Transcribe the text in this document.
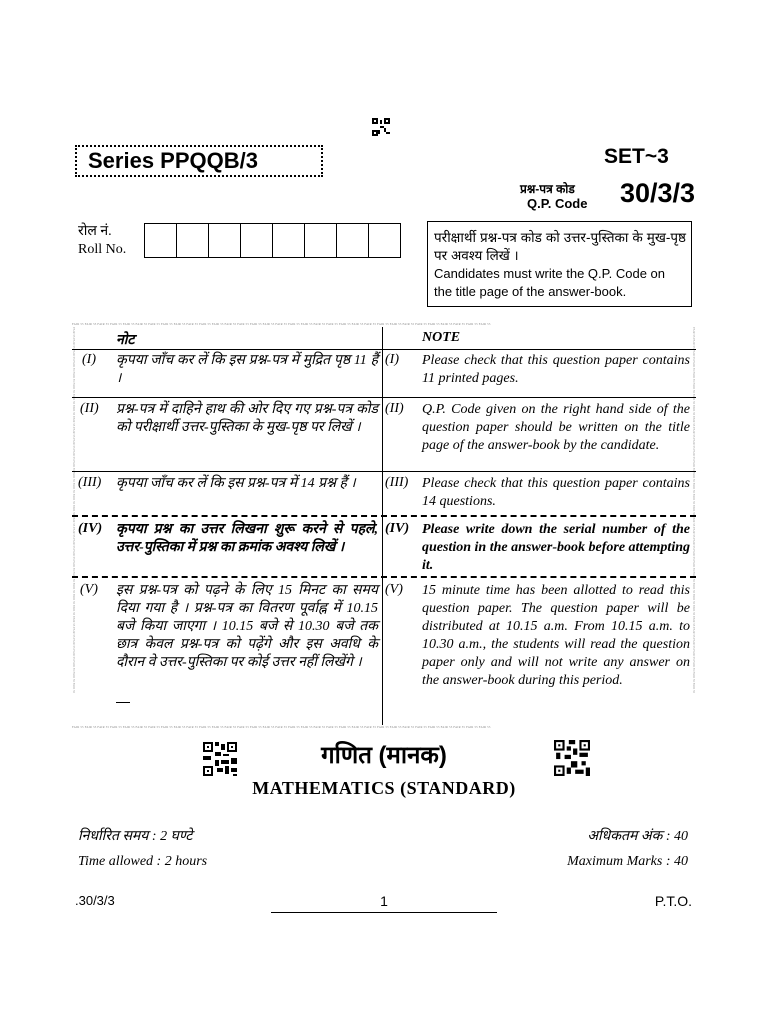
Series PPQQB/3	SET~3
प्रश्न-पत्र कोड
Q.P. Code 30/3/3
रोल नं.
Roll No.
परीक्षार्थी प्रश्न-पत्र कोड को उत्तर-पुस्तिका के मुख-पृष्ठ पर अवश्य लिखें ।
Candidates must write the Q.P. Code on the title page of the answer-book.
FAIR 55 FAIR 55 FAIR 55 FAIR 55 FAIR 55 FAIR 55 FAIR 55 FAIR 55 FAIR 55 FAIR 55 FAIR 55 FAIR 55 FAIR 55 FAIR 55 FAIR 55 FAIR 55 FAIR 55 FAIR 55 FAIR 55 FAIR 55 FAIR 55 FAIR 55 FAIR 55 FAIR 55 FAIR 55 FAIR 55 FAIR 55 FAIR 55 FAIR 55 FAIR 55 FAIR 55 FAIR 55 FAIR 55
FAIR 55 FAIR 55 FAIR 55 FAIR 55 FAIR 55 FAIR 55 FAIR 55 FAIR 55 FAIR 55 FAIR 55 FAIR 55 FAIR 55 FAIR 55 FAIR 55 FAIR 55 FAIR 55 FAIR 55 FAIR 55 FAIR 55 FAIR 55 FAIR 55 FAIR 55 FAIR 55 FAIR 55 FAIR 55 FAIR 55 FAIR 55 FAIR 55 FAIR 55 FAIR 55 FAIR 55 FAIR 55 FAIR 55
FAIR 55 FAIR 55 FAIR 55 FAIR 55 FAIR 55 FAIR 55 FAIR 55 FAIR 55 FAIR 55 FAIR 55 FAIR 55 FAIR 55 FAIR 55 FAIR 55 FAIR 55 FAIR 55 FAIR 55 FAIR 55 FAIR 55 FAIR 55 FAIR 55 FAIR 55 FAIR 55 FAIR 55 FAIR 55 FAIR 55 FAIR 55 FAIR 55 FAIR 55 FAIR 55 FAIR 55 FAIR 55 FAIR 55	FAIR 55 FAIR 55 FAIR 55 FAIR 55 FAIR 55 FAIR 55 FAIR 55 FAIR 55 FAIR 55 FAIR 55 FAIR 55 FAIR 55 FAIR 55 FAIR 55 FAIR 55 FAIR 55 FAIR 55 FAIR 55 FAIR 55 FAIR 55 FAIR 55 FAIR 55 FAIR 55 FAIR 55 FAIR 55 FAIR 55 FAIR 55 FAIR 55 FAIR 55 FAIR 55 FAIR 55 FAIR 55 FAIR 55
नोट	NOTE
(I) कृपया जाँच कर लें कि इस प्रश्न-पत्र में मुद्रित पृष्ठ 11 हैं ।
(I) Please check that this question paper contains 11 printed pages.
(II) प्रश्न-पत्र में दाहिने हाथ की ओर दिए गए प्रश्न-पत्र कोड को परीक्षार्थी उत्तर-पुस्तिका के मुख-पृष्ठ पर लिखें ।
(II) Q.P. Code given on the right hand side of the question paper should be written on the title page of the answer-book by the candidate.
(III) कृपया जाँच कर लें कि इस प्रश्न-पत्र में 14 प्रश्न हैं ।	(III) Please check that this question paper contains 14 questions.
(IV) कृपया प्रश्न का उत्तर लिखना शुरू करने से पहले, उत्तर-पुस्तिका में प्रश्न का क्रमांक अवश्य लिखें ।
(IV) Please write down the serial number of the question in the answer-book before attempting it.
(V) इस प्रश्न-पत्र को पढ़ने के लिए 15 मिनट का समय दिया गया है । प्रश्न-पत्र का वितरण पूर्वाह्न में 10.15 बजे किया जाएगा । 10.15 बजे से 10.30 बजे तक छात्र केवल प्रश्न-पत्र को पढ़ेंगे और इस अवधि के दौरान वे उत्तर-पुस्तिका पर कोई उत्तर नहीं लिखेंगे ।
(V) 15 minute time has been allotted to read this question paper. The question paper will be distributed at 10.15 a.m. From 10.15 a.m. to 10.30 a.m., the students will read the question paper only and will not write any answer on the answer-book during this period.
गणित (मानक)
MATHEMATICS (STANDARD)
निर्धारित समय : 2 घण्टे	अधिकतम अंक : 40
Time allowed : 2 hours	Maximum Marks : 40
.30/3/3	1	P.T.O.
